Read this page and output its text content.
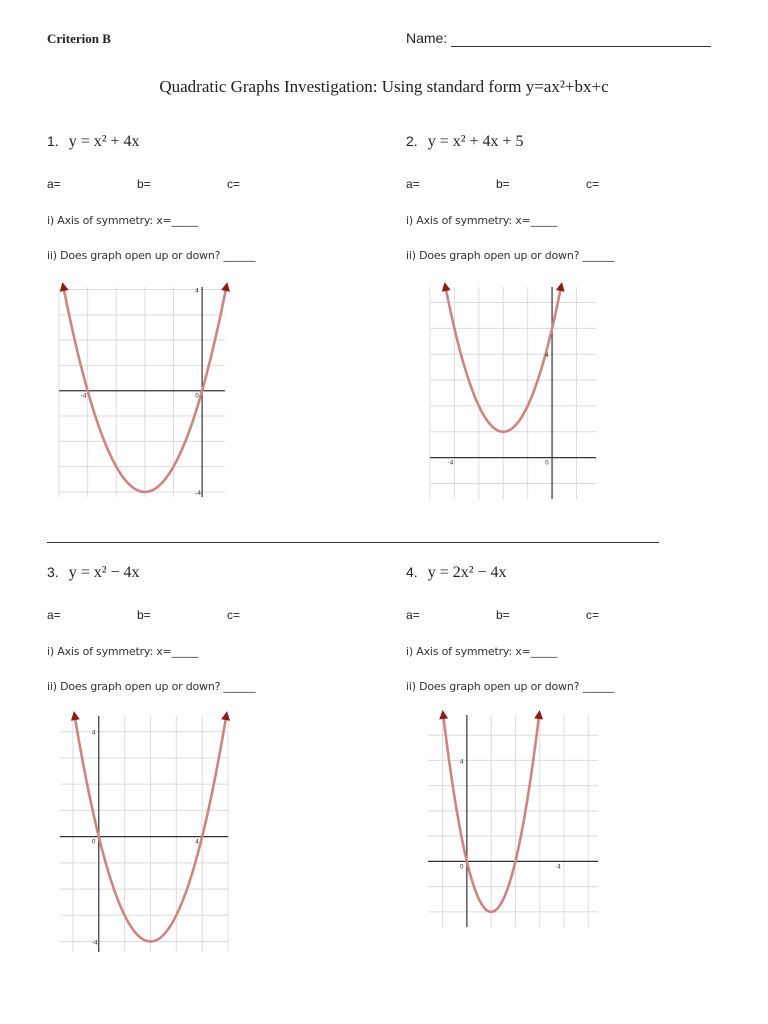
Criterion B	Name:
Quadratic Graphs Investigation: Using standard form y=ax²+bx+c
1. y = x² + 4x
a=	b=	c=
i) Axis of symmetry: x=_____
ii) Does graph open up or down? ______
-4	0
4
-4
2. y = x² + 4x + 5
a=	b=	c=
i) Axis of symmetry: x=_____
ii) Does graph open up or down? ______
-4	0
4
3. y = x² − 4x
a=	b=	c=
i) Axis of symmetry: x=_____
ii) Does graph open up or down? ______
0	4
4
-4
4. y = 2x² − 4x
a=	b=	c=
i) Axis of symmetry: x=_____
ii) Does graph open up or down? ______
0	4
4
